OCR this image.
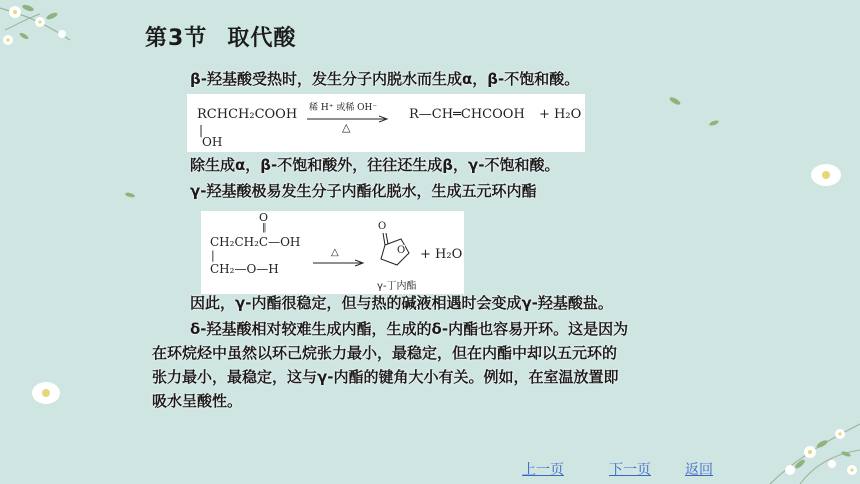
第3节 取代酸
β-羟基酸受热时，发生分子内脱水而生成α，β-不饱和酸。
RCHCH₂COOH
|
OH
稀 H⁺ 或稀 OH⁻
△
R—CH═CHCOOH + H₂O
除生成α，β-不饱和酸外，往往还生成β，γ-不饱和酸。
γ-羟基酸极易发生分子内酯化脱水，生成五元环内酯
O
‖
CH₂CH₂C—OH
|
CH₂—O—H
△
O
O
γ-丁内酯
+ H₂O
因此，γ-内酯很稳定，但与热的碱液相遇时会变成γ-羟基酸盐。
δ-羟基酸相对较难生成内酯，生成的δ-内酯也容易开环。这是因为
在环烷烃中虽然以环己烷张力最小，最稳定，但在内酯中却以五元环的
张力最小，最稳定，这与γ-内酯的键角大小有关。例如，在室温放置即
吸水呈酸性。
上一页	下一页 返回
